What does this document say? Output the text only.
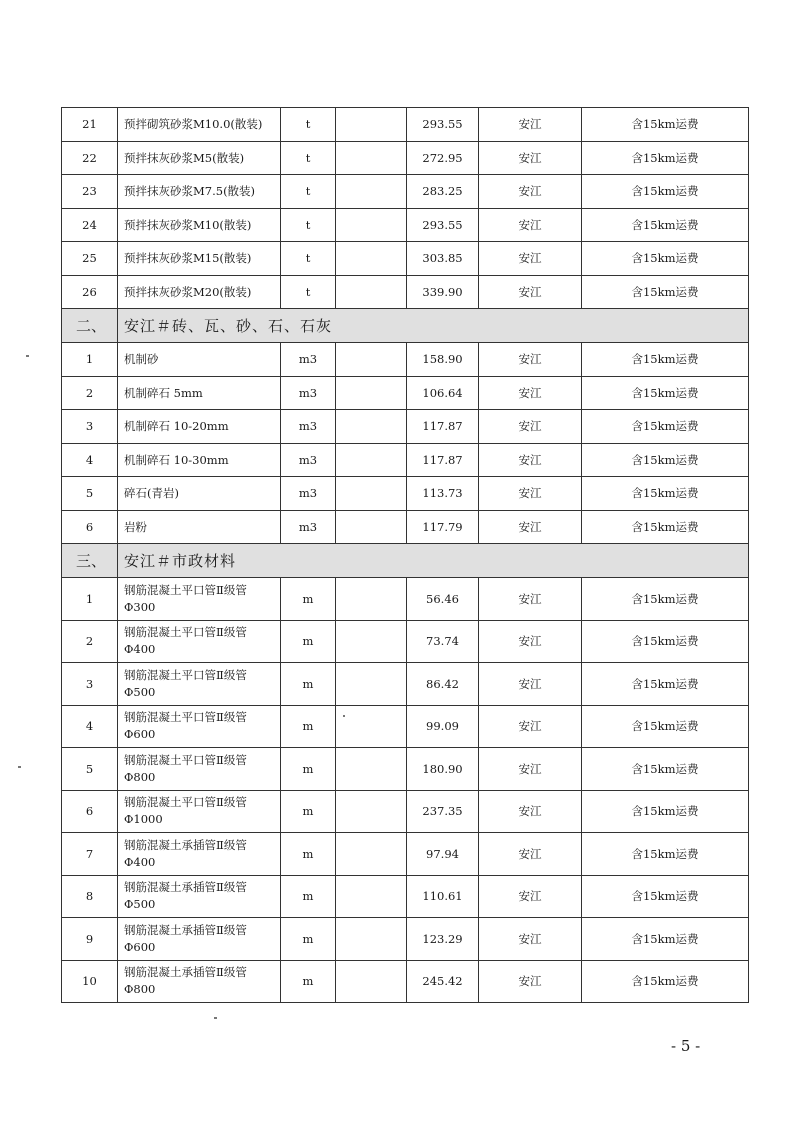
21	预拌砌筑砂浆M10.0(散装)	t		293.55	安江	含15km运费
22	预拌抹灰砂浆M5(散装)	t		272.95	安江	含15km运费
23	预拌抹灰砂浆M7.5(散装)	t		283.25	安江	含15km运费
24	预拌抹灰砂浆M10(散装)	t		293.55	安江	含15km运费
25	预拌抹灰砂浆M15(散装)	t		303.85	安江	含15km运费
26	预拌抹灰砂浆M20(散装)	t		339.90	安江	含15km运费
二、	安江＃砖、瓦、砂、石、石灰					
1	机制砂	m3		158.90	安江	含15km运费
2	机制碎石 5mm	m3		106.64	安江	含15km运费
3	机制碎石 10-20mm	m3		117.87	安江	含15km运费
4	机制碎石 10-30mm	m3		117.87	安江	含15km运费
5	碎石(青岩)	m3		113.73	安江	含15km运费
6	岩粉	m3		117.79	安江	含15km运费
三、	安江＃市政材料					
1	钢筋混凝土平口管Ⅱ级管Φ300	m		56.46	安江	含15km运费
2	钢筋混凝土平口管Ⅱ级管Φ400	m		73.74	安江	含15km运费
3	钢筋混凝土平口管Ⅱ级管Φ500	m		86.42	安江	含15km运费
4	钢筋混凝土平口管Ⅱ级管Φ600	m		99.09	安江	含15km运费
5	钢筋混凝土平口管Ⅱ级管Φ800	m		180.90	安江	含15km运费
6	钢筋混凝土平口管Ⅱ级管Φ1000	m		237.35	安江	含15km运费
7	钢筋混凝土承插管Ⅱ级管Φ400	m		97.94	安江	含15km运费
8	钢筋混凝土承插管Ⅱ级管Φ500	m		110.61	安江	含15km运费
9	钢筋混凝土承插管Ⅱ级管Φ600	m		123.29	安江	含15km运费
10	钢筋混凝土承插管Ⅱ级管Φ800	m		245.42	安江	含15km运费
- 5 -
